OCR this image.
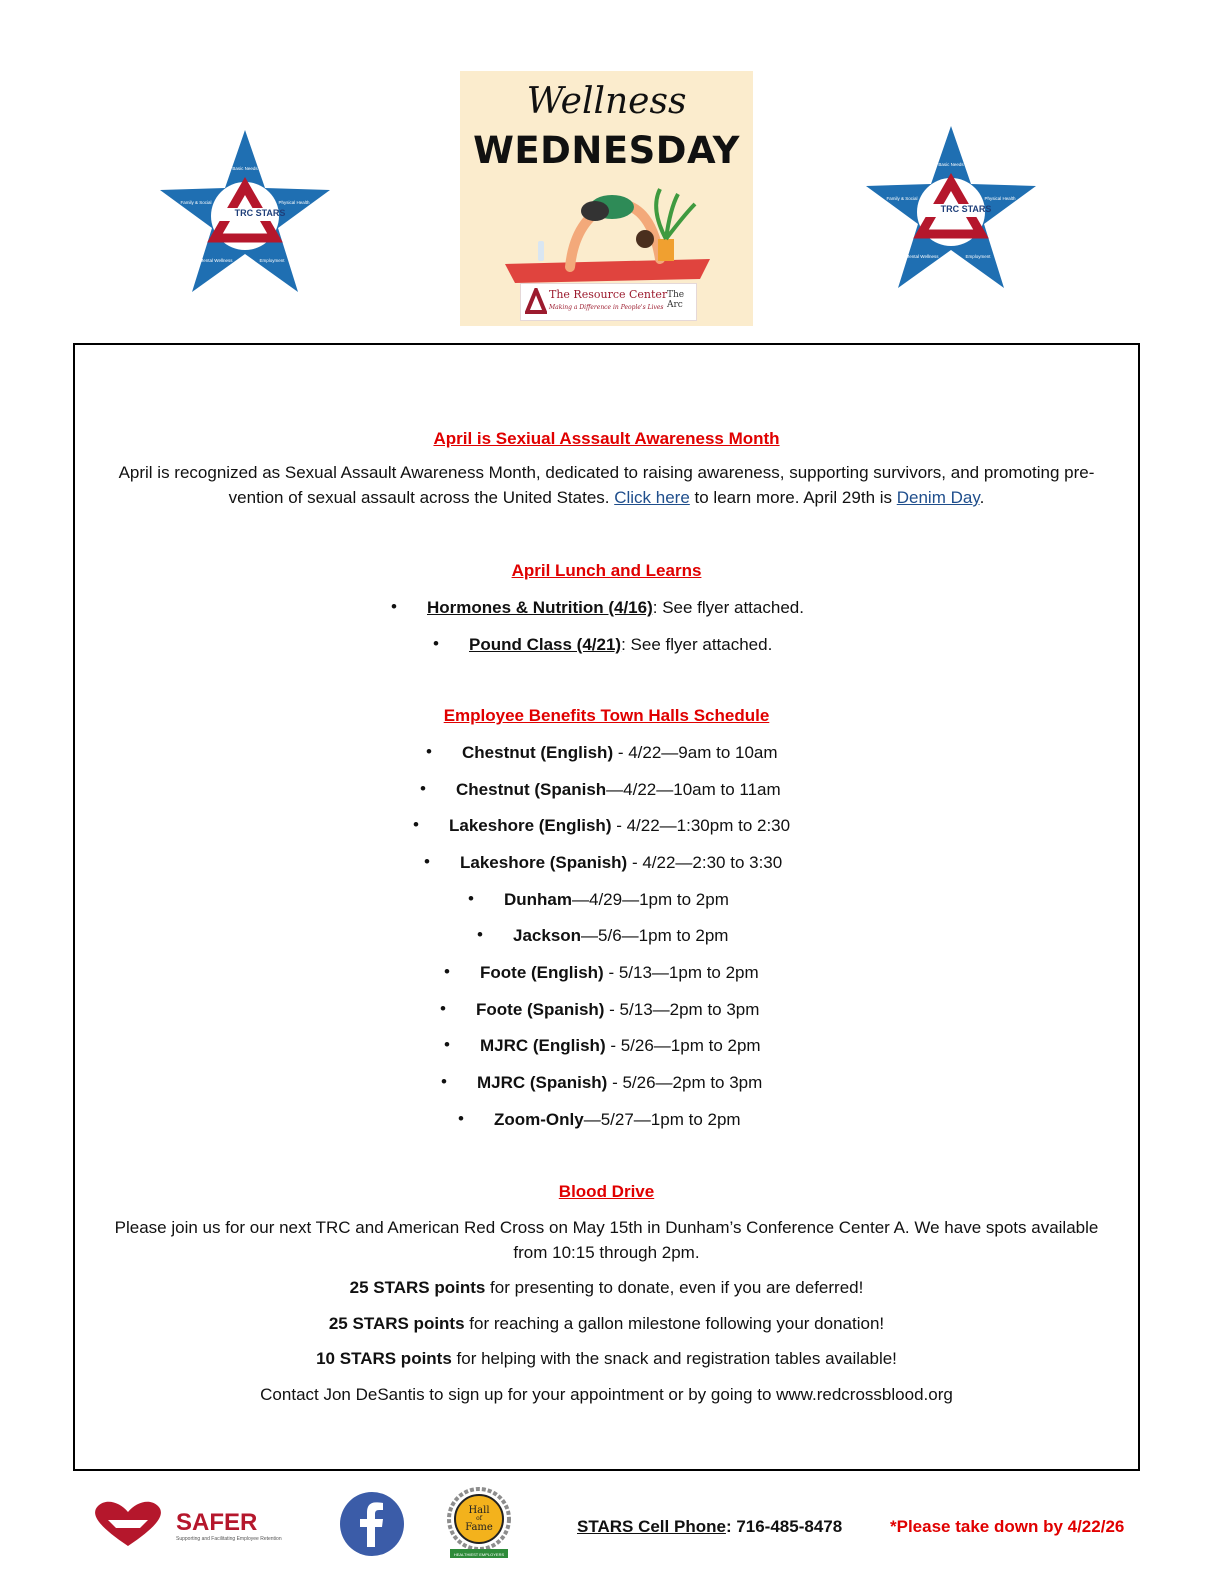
TRC STARS
Basic Needs
Physical Health
Employment
Mental Wellness
Family & Social
Wellness
WEDNESDAY
The Resource Center
Making a Difference in People's Lives
The Arc
TRC STARS
Basic Needs
Physical Health
Employment
Mental Wellness
Family & Social
April is Sexiual Asssault Awareness Month
April is recognized as Sexual Assault Awareness Month, dedicated to raising awareness, supporting survivors, and promoting pre-
vention of sexual assault across the United States. Click here to learn more. April 29th is Denim Day.
April Lunch and Learns
• Hormones & Nutrition (4/16): See flyer attached.
• Pound Class (4/21): See flyer attached.
Employee Benefits Town Halls Schedule
• Chestnut (English) - 4/22—9am to 10am
• Chestnut (Spanish—4/22—10am to 11am
• Lakeshore (English) - 4/22—1:30pm to 2:30
• Lakeshore (Spanish) - 4/22—2:30 to 3:30
• Dunham—4/29—1pm to 2pm
• Jackson—5/6—1pm to 2pm
• Foote (English) - 5/13—1pm to 2pm
• Foote (Spanish) - 5/13—2pm to 3pm
• MJRC (English) - 5/26—1pm to 2pm
• MJRC (Spanish) - 5/26—2pm to 3pm
• Zoom-Only—5/27—1pm to 2pm
Blood Drive
Please join us for our next TRC and American Red Cross on May 15th in Dunham’s Conference Center A. We have spots available
from 10:15 through 2pm.
25 STARS points for presenting to donate, even if you are deferred!
25 STARS points for reaching a gallon milestone following your donation!
10 STARS points for helping with the snack and registration tables available!
Contact Jon DeSantis to sign up for your appointment or by going to www.redcrossblood.org
SAFER
Supporting and Facilitating Employee Retention
Hall
of
Fame
HEALTHIEST EMPLOYERS
STARS Cell Phone: 716-485-8478	*Please take down by 4/22/26
